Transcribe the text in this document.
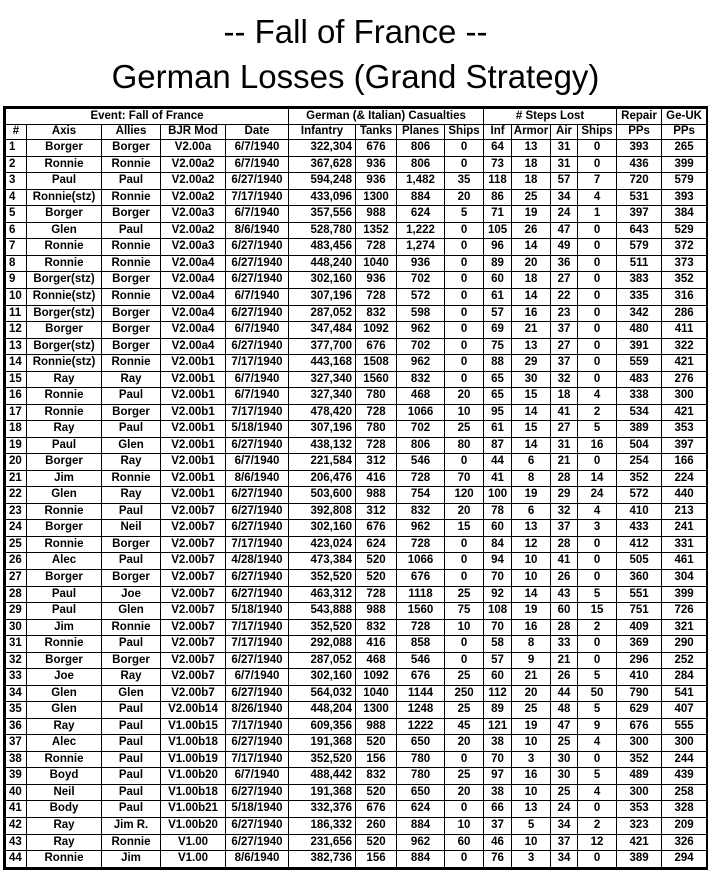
-- Fall of France --
German Losses (Grand Strategy)
Event: Fall of France					German (& Italian) Casualties				# Steps Lost				Repair	Ge-UK
#	Axis	Allies	BJR Mod	Date	Infantry	Tanks	Planes	Ships	Inf	Armor	Air	Ships	PPs	PPs
1	Borger	Borger	V2.00a	6/7/1940	322,304	676	806	0	64	13	31	0	393	265
2	Ronnie	Ronnie	V2.00a2	6/7/1940	367,628	936	806	0	73	18	31	0	436	399
3	Paul	Paul	V2.00a2	6/27/1940	594,248	936	1,482	35	118	18	57	7	720	579
4	Ronnie(stz)	Ronnie	V2.00a2	7/17/1940	433,096	1300	884	20	86	25	34	4	531	393
5	Borger	Borger	V2.00a3	6/7/1940	357,556	988	624	5	71	19	24	1	397	384
6	Glen	Paul	V2.00a2	8/6/1940	528,780	1352	1,222	0	105	26	47	0	643	529
7	Ronnie	Ronnie	V2.00a3	6/27/1940	483,456	728	1,274	0	96	14	49	0	579	372
8	Ronnie	Ronnie	V2.00a4	6/27/1940	448,240	1040	936	0	89	20	36	0	511	373
9	Borger(stz)	Borger	V2.00a4	6/27/1940	302,160	936	702	0	60	18	27	0	383	352
10	Ronnie(stz)	Ronnie	V2.00a4	6/7/1940	307,196	728	572	0	61	14	22	0	335	316
11	Borger(stz)	Borger	V2.00a4	6/27/1940	287,052	832	598	0	57	16	23	0	342	286
12	Borger	Borger	V2.00a4	6/7/1940	347,484	1092	962	0	69	21	37	0	480	411
13	Borger(stz)	Borger	V2.00a4	6/27/1940	377,700	676	702	0	75	13	27	0	391	322
14	Ronnie(stz)	Ronnie	V2.00b1	7/17/1940	443,168	1508	962	0	88	29	37	0	559	421
15	Ray	Ray	V2.00b1	6/7/1940	327,340	1560	832	0	65	30	32	0	483	276
16	Ronnie	Paul	V2.00b1	6/7/1940	327,340	780	468	20	65	15	18	4	338	300
17	Ronnie	Borger	V2.00b1	7/17/1940	478,420	728	1066	10	95	14	41	2	534	421
18	Ray	Paul	V2.00b1	5/18/1940	307,196	780	702	25	61	15	27	5	389	353
19	Paul	Glen	V2.00b1	6/27/1940	438,132	728	806	80	87	14	31	16	504	397
20	Borger	Ray	V2.00b1	6/7/1940	221,584	312	546	0	44	6	21	0	254	166
21	Jim	Ronnie	V2.00b1	8/6/1940	206,476	416	728	70	41	8	28	14	352	224
22	Glen	Ray	V2.00b1	6/27/1940	503,600	988	754	120	100	19	29	24	572	440
23	Ronnie	Paul	V2.00b7	6/27/1940	392,808	312	832	20	78	6	32	4	410	213
24	Borger	Neil	V2.00b7	6/27/1940	302,160	676	962	15	60	13	37	3	433	241
25	Ronnie	Borger	V2.00b7	7/17/1940	423,024	624	728	0	84	12	28	0	412	331
26	Alec	Paul	V2.00b7	4/28/1940	473,384	520	1066	0	94	10	41	0	505	461
27	Borger	Borger	V2.00b7	6/27/1940	352,520	520	676	0	70	10	26	0	360	304
28	Paul	Joe	V2.00b7	6/27/1940	463,312	728	1118	25	92	14	43	5	551	399
29	Paul	Glen	V2.00b7	5/18/1940	543,888	988	1560	75	108	19	60	15	751	726
30	Jim	Ronnie	V2.00b7	7/17/1940	352,520	832	728	10	70	16	28	2	409	321
31	Ronnie	Paul	V2.00b7	7/17/1940	292,088	416	858	0	58	8	33	0	369	290
32	Borger	Borger	V2.00b7	6/27/1940	287,052	468	546	0	57	9	21	0	296	252
33	Joe	Ray	V2.00b7	6/7/1940	302,160	1092	676	25	60	21	26	5	410	284
34	Glen	Glen	V2.00b7	6/27/1940	564,032	1040	1144	250	112	20	44	50	790	541
35	Glen	Paul	V2.00b14	8/26/1940	448,204	1300	1248	25	89	25	48	5	629	407
36	Ray	Paul	V1.00b15	7/17/1940	609,356	988	1222	45	121	19	47	9	676	555
37	Alec	Paul	V1.00b18	6/27/1940	191,368	520	650	20	38	10	25	4	300	300
38	Ronnie	Paul	V1.00b19	7/17/1940	352,520	156	780	0	70	3	30	0	352	244
39	Boyd	Paul	V1.00b20	6/7/1940	488,442	832	780	25	97	16	30	5	489	439
40	Neil	Paul	V1.00b18	6/27/1940	191,368	520	650	20	38	10	25	4	300	258
41	Body	Paul	V1.00b21	5/18/1940	332,376	676	624	0	66	13	24	0	353	328
42	Ray	Jim R.	V1.00b20	6/27/1940	186,332	260	884	10	37	5	34	2	323	209
43	Ray	Ronnie	V1.00	6/27/1940	231,656	520	962	60	46	10	37	12	421	326
44	Ronnie	Jim	V1.00	8/6/1940	382,736	156	884	0	76	3	34	0	389	294
